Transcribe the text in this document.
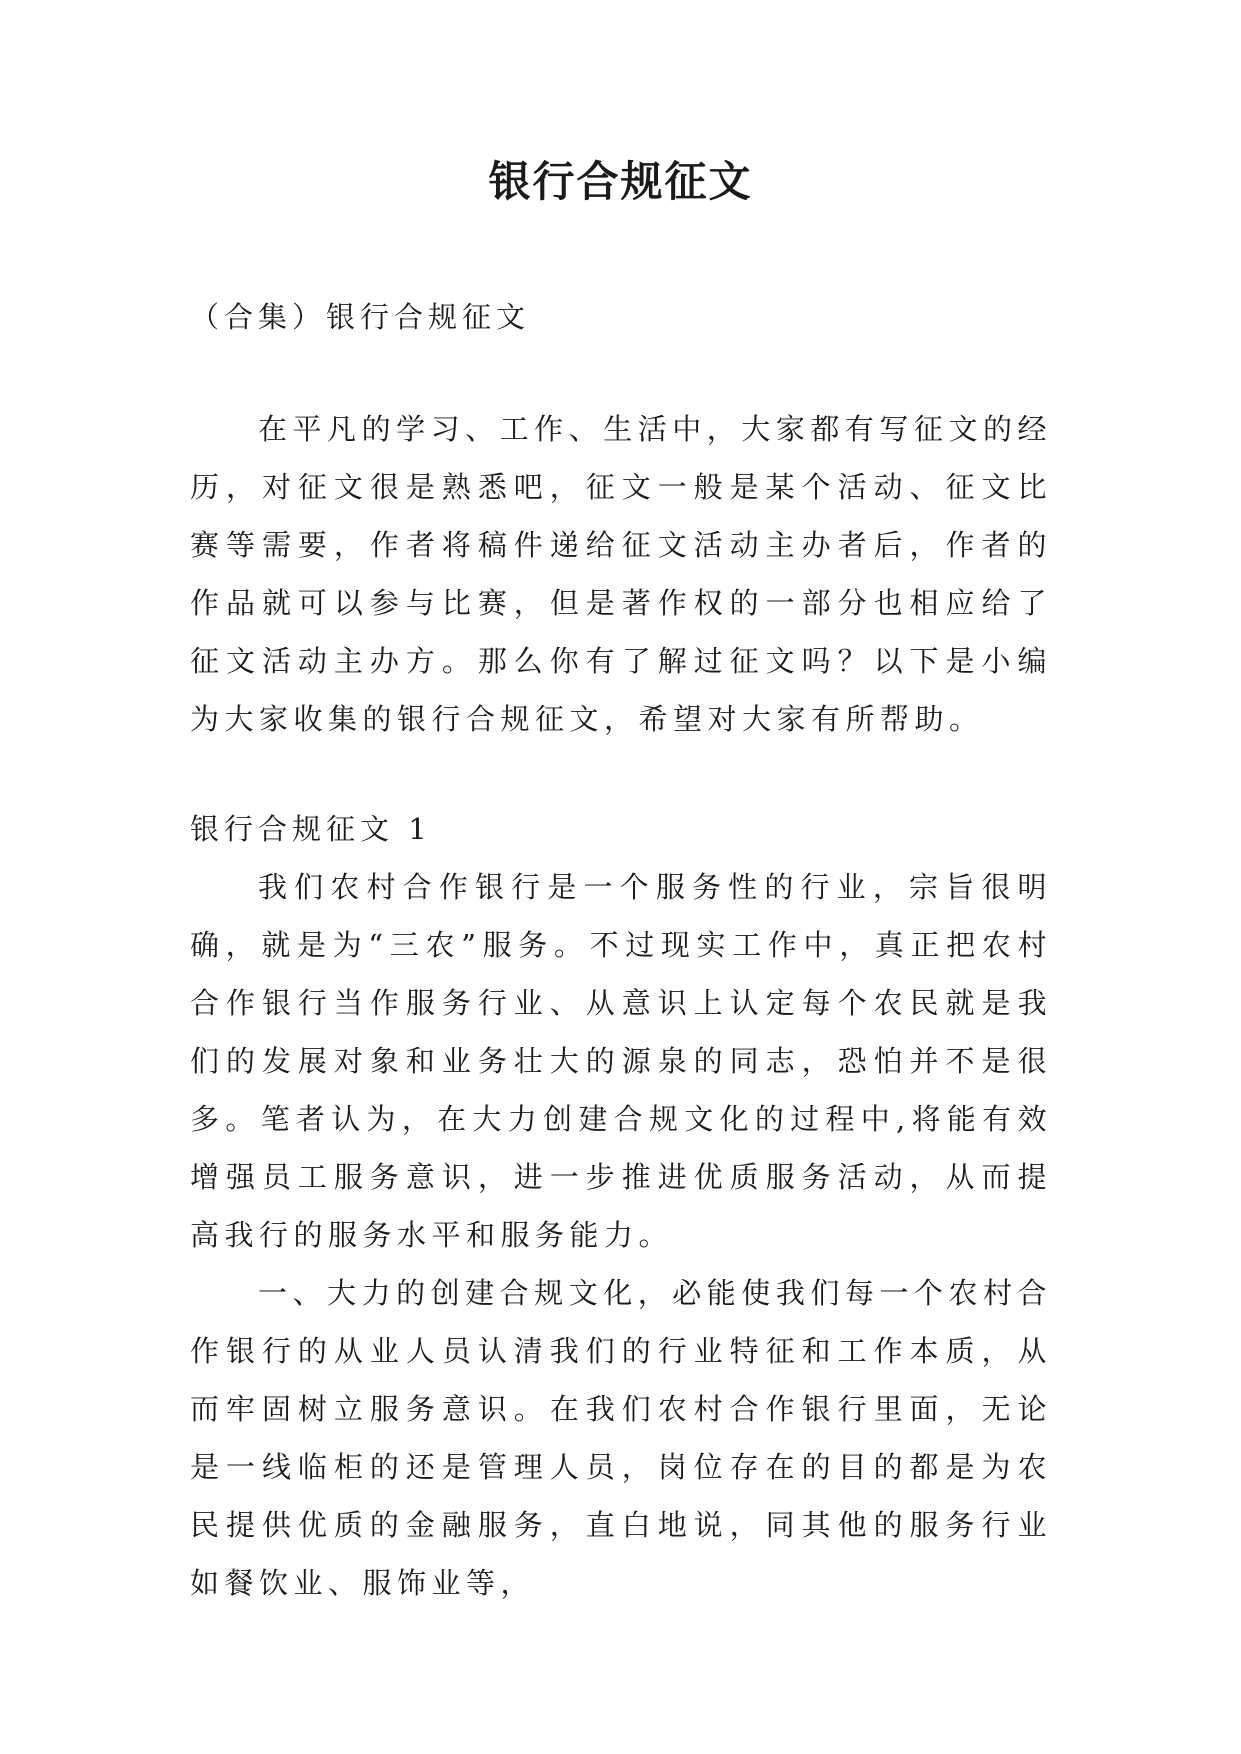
银行合规征文

（合集）银行合规征文

在平凡的学习、工作、生活中，大家都有写征文的经历，对征文很是熟悉吧，征文一般是某个活动、征文比赛等需要，作者将稿件递给征文活动主办者后，作者的作品就可以参与比赛，但是著作权的一部分也相应给了征文活动主办方。那么你有了解过征文吗？以下是小编为大家收集的银行合规征文，希望对大家有所帮助。

银行合规征文 1

我们农村合作银行是一个服务性的行业，宗旨很明确，就是为“三农”服务。不过现实工作中，真正把农村合作银行当作服务行业、从意识上认定每个农民就是我们的发展对象和业务壮大的源泉的同志，恐怕并不是很多。笔者认为，在大力创建合规文化的过程中,将能有效增强员工服务意识，进一步推进优质服务活动，从而提高我行的服务水平和服务能力。

一、大力的创建合规文化，必能使我们每一个农村合作银行的从业人员认清我们的行业特征和工作本质，从而牢固树立服务意识。在我们农村合作银行里面，无论是一线临柜的还是管理人员，岗位存在的目的都是为农民提供优质的金融服务，直白地说，同其他的服务行业如餐饮业、服饰业等，
